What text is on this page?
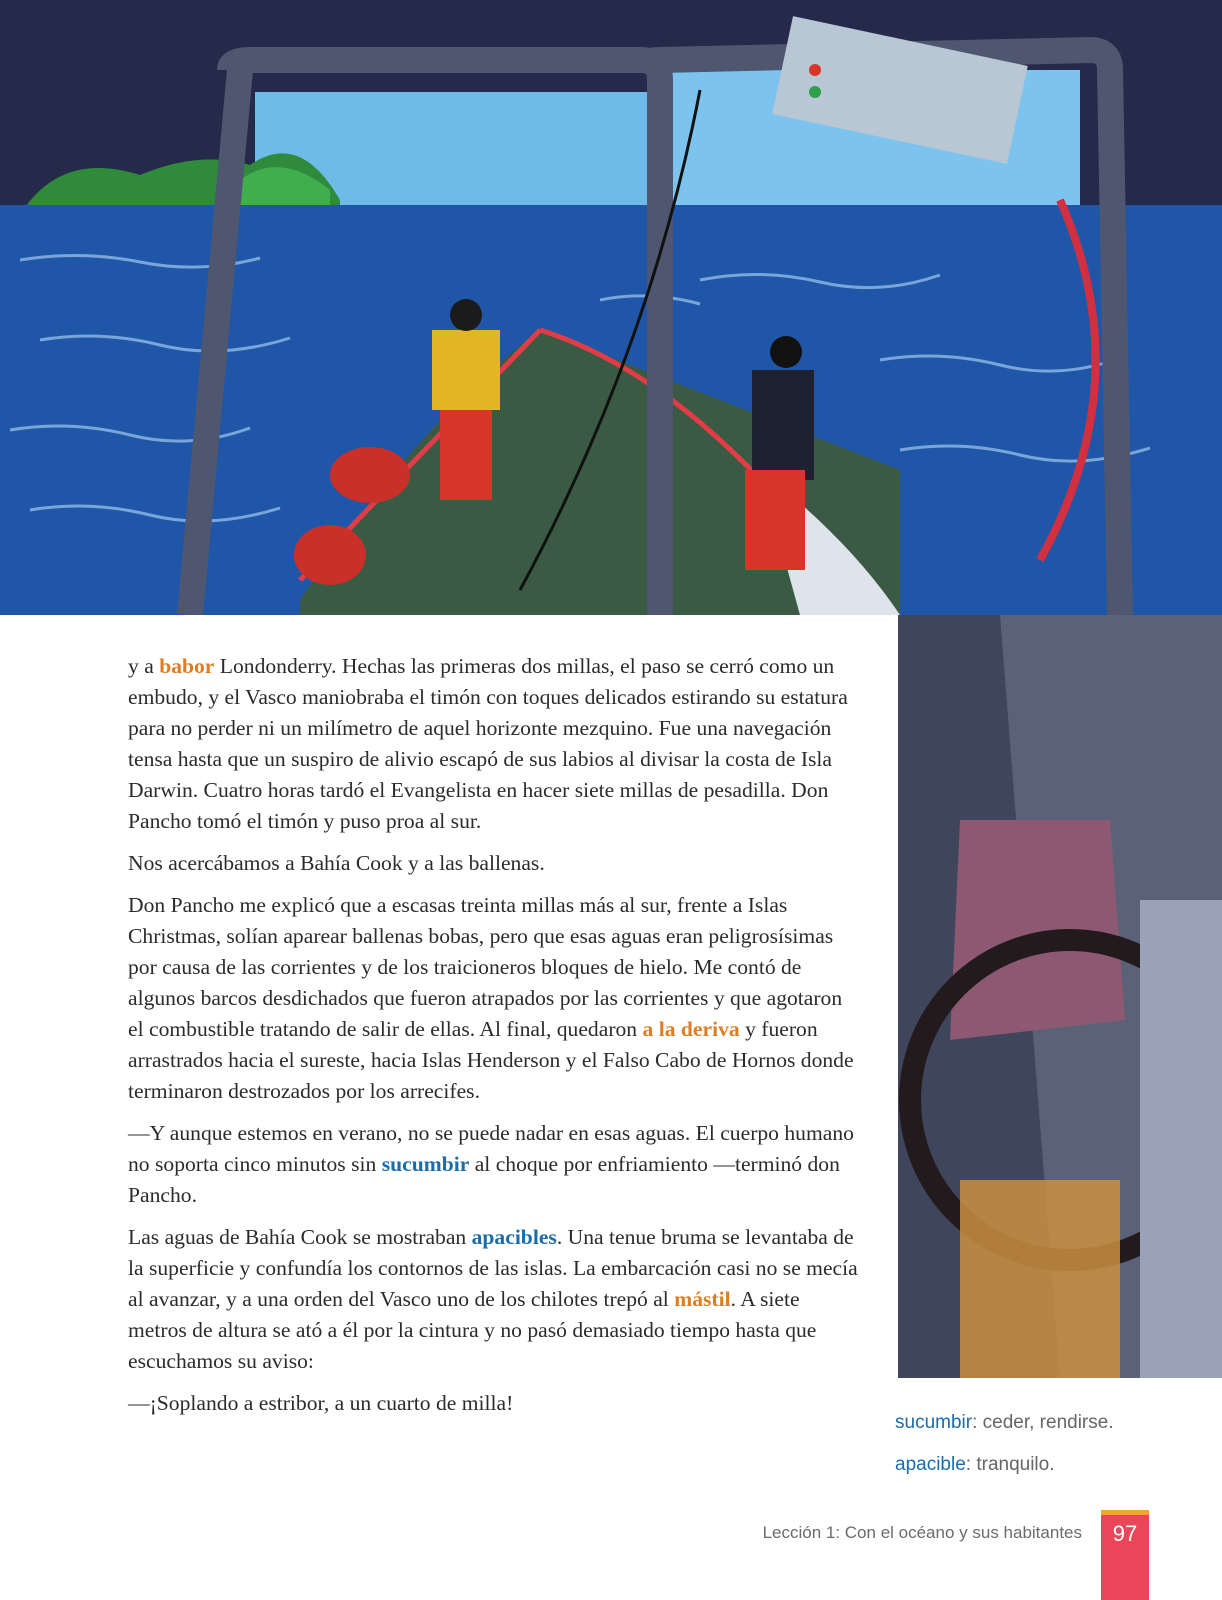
y a babor Londonderry. Hechas las primeras dos millas, el paso se cerró como un embudo, y el Vasco maniobraba el timón con toques delicados estirando su estatura para no perder ni un milímetro de aquel horizonte mezquino. Fue una navegación tensa hasta que un suspiro de alivio escapó de sus labios al divisar la costa de Isla Darwin. Cuatro horas tardó el Evangelista en hacer siete millas de pesadilla. Don Pancho tomó el timón y puso proa al sur.

Nos acercábamos a Bahía Cook y a las ballenas.

Don Pancho me explicó que a escasas treinta millas más al sur, frente a Islas Christmas, solían aparear ballenas bobas, pero que esas aguas eran peligrosísimas por causa de las corrientes y de los traicioneros bloques de hielo. Me contó de algunos barcos desdichados que fueron atrapados por las corrientes y que agotaron el combustible tratando de salir de ellas. Al final, quedaron a la deriva y fueron arrastrados hacia el sureste, hacia Islas Henderson y el Falso Cabo de Hornos donde terminaron destrozados por los arrecifes.

—Y aunque estemos en verano, no se puede nadar en esas aguas. El cuerpo humano no soporta cinco minutos sin sucumbir al choque por enfriamiento —terminó don Pancho.

Las aguas de Bahía Cook se mostraban apacibles. Una tenue bruma se levantaba de la superficie y confundía los contornos de las islas. La embarcación casi no se mecía al avanzar, y a una orden del Vasco uno de los chilotes trepó al mástil. A siete metros de altura se ató a él por la cintura y no pasó demasiado tiempo hasta que escuchamos su aviso:

—¡Soplando a estribor, a un cuarto de milla!

sucumbir: ceder, rendirse.
apacible: tranquilo.
Lección 1: Con el océano y sus habitantes	97
